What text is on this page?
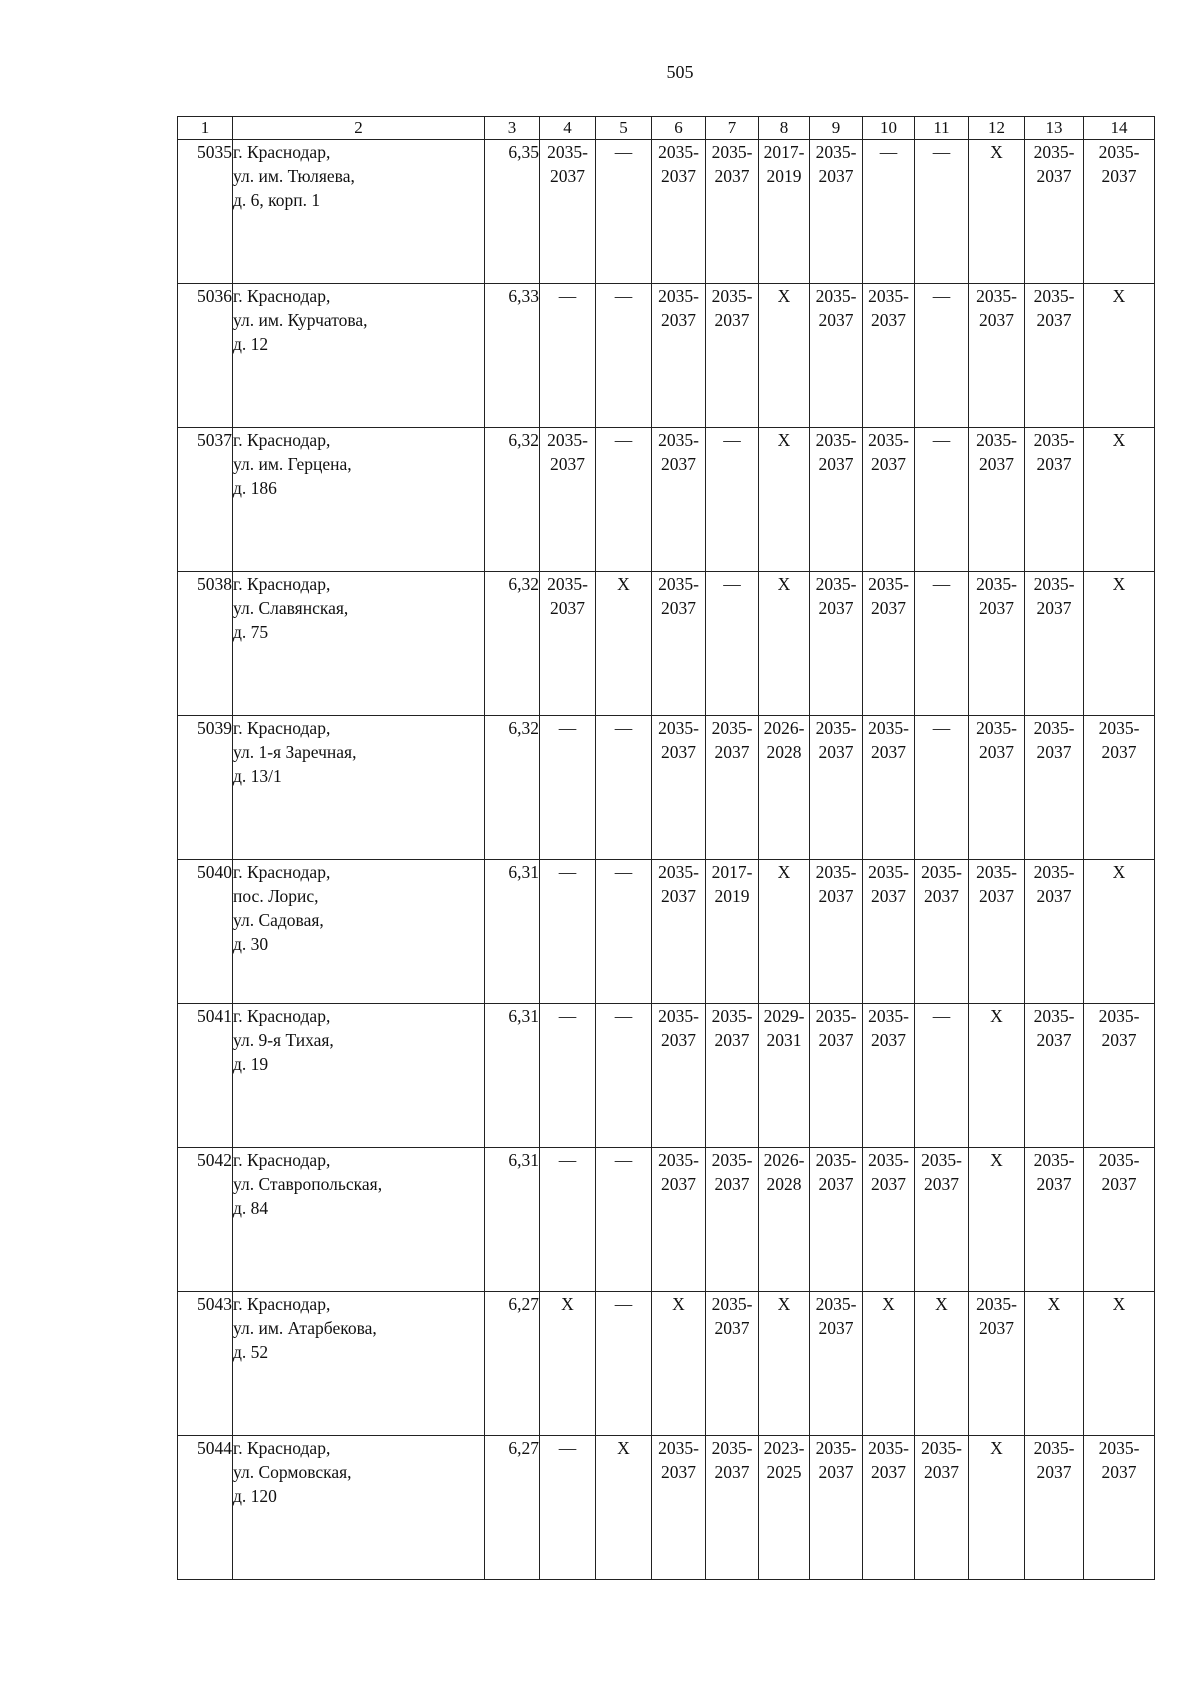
505
1	2	3	4	5	6	7	8	9	10	11	12	13	14
5035	г. Краснодар,
ул. им. Тюляева,
д. 6, корп. 1	6,35	2035-
2037	—	2035-
2037	2035-
2037	2017-
2019	2035-
2037	—	—	Х	2035-
2037	2035-
2037

5036	г. Краснодар,
ул. им. Курчатова,
д. 12	6,33	—	—	2035-
2037	2035-
2037	Х	2035-
2037	2035-
2037	—	2035-
2037	2035-
2037	Х
5037	г. Краснодар,
ул. им. Герцена,
д. 186	6,32	2035-
2037	—	2035-
2037	—	Х	2035-
2037	2035-
2037	—	2035-
2037	2035-
2037	Х
5038	г. Краснодар,
ул. Славянская,
д. 75	6,32	2035-
2037	Х	2035-
2037	—	Х	2035-
2037	2035-
2037	—	2035-
2037	2035-
2037	Х
5039	г. Краснодар,
ул. 1-я Заречная,
д. 13/1	6,32	—	—	2035-
2037	2035-
2037	2026-
2028	2035-
2037	2035-
2037	—	2035-
2037	2035-
2037	2035-
2037

5040	г. Краснодар,
пос. Лорис,
ул. Садовая,
д. 30	6,31	—	—	2035-
2037	2017-
2019	Х	2035-
2037	2035-
2037	2035-
2037	2035-
2037	2035-
2037	Х
5041	г. Краснодар,
ул. 9-я Тихая,
д. 19	6,31	—	—	2035-
2037	2035-
2037	2029-
2031	2035-
2037	2035-
2037	—	Х	2035-
2037	2035-
2037

5042	г. Краснодар,
ул. Ставропольская,
д. 84	6,31	—	—	2035-
2037	2035-
2037	2026-
2028	2035-
2037	2035-
2037	2035-
2037	Х	2035-
2037	2035-
2037

5043	г. Краснодар,
ул. им. Атарбекова,
д. 52	6,27	Х	—	Х	2035-
2037	Х	2035-
2037	Х	Х	2035-
2037	Х	Х
5044	г. Краснодар,
ул. Сормовская,
д. 120	6,27	—	Х	2035-
2037	2035-
2037	2023-
2025	2035-
2037	2035-
2037	2035-
2037	Х	2035-
2037	2035-
2037
